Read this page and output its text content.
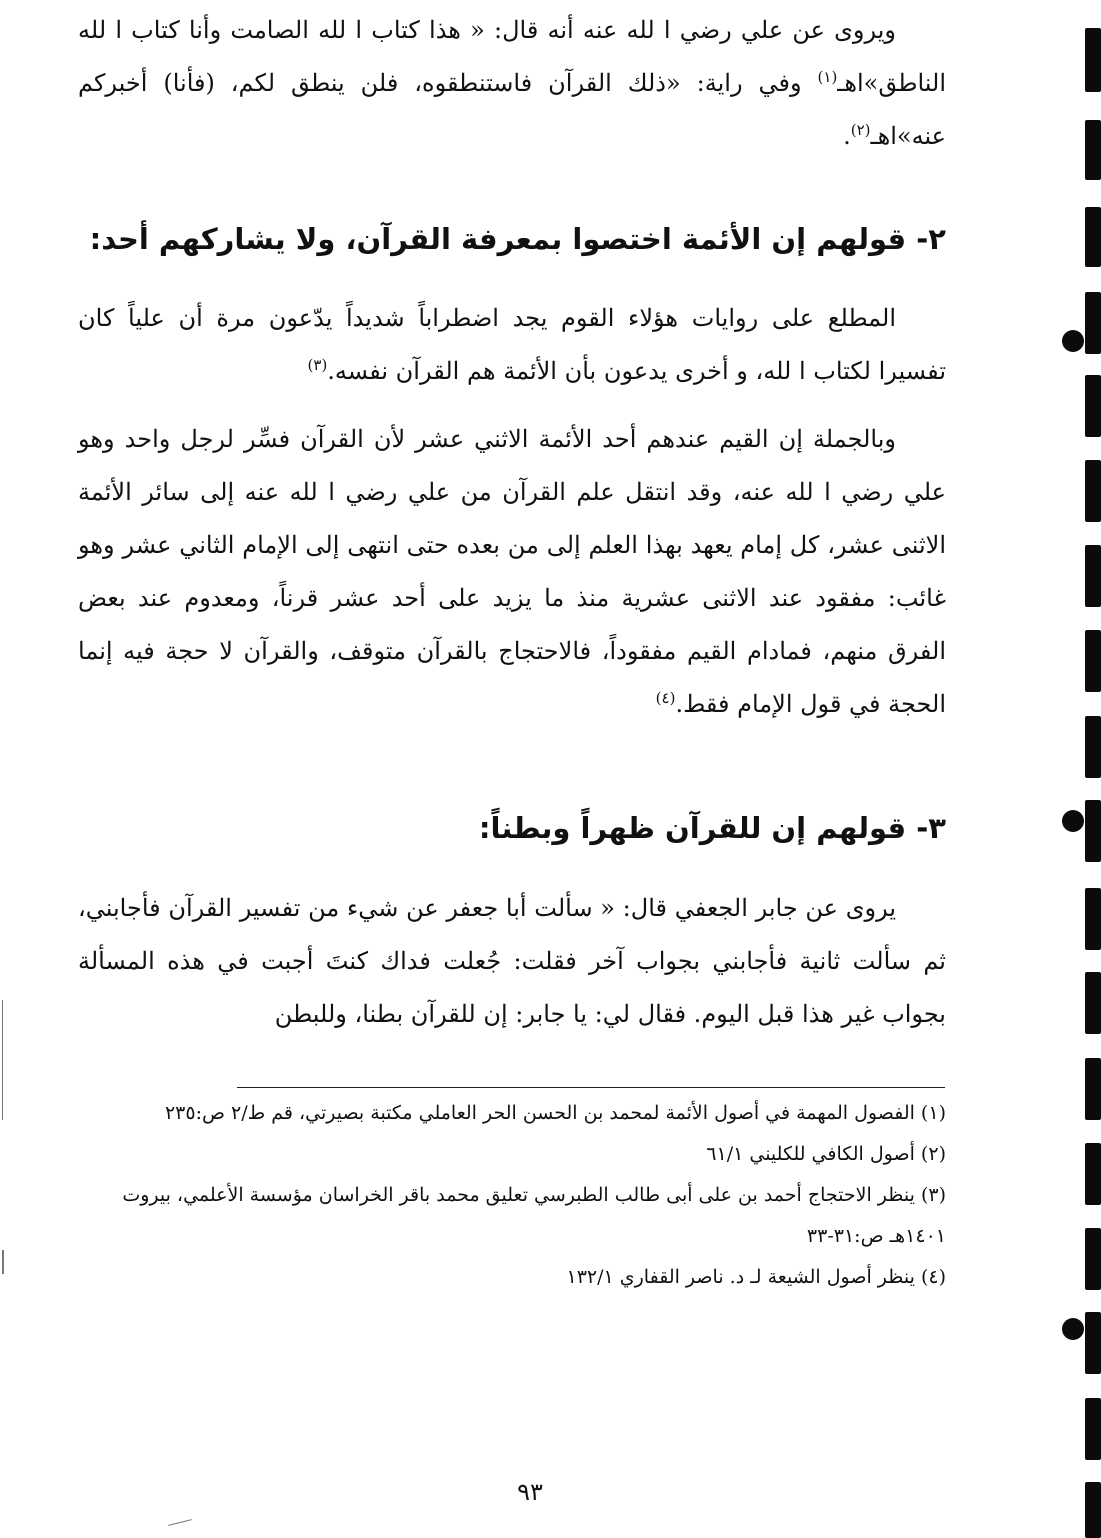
ويروى عن علي رضي ا لله عنه أنه قال: « هذا كتاب ا لله الصامت وأنا كتاب ا لله الناطق»اهـ$^{(١)}$ وفي راية: «ذلك القرآن فاستنطقوه، فلن ينطق لكم، (فأنا) أخبركم عنه»اهـ$^{(٢)}$.

٢- قولهم إن الأئمة اختصوا بمعرفة القرآن، ولا يشاركهم أحد:

المطلع على روايات هؤلاء القوم يجد اضطراباً شديداً يدّعون مرة أن علياً كان تفسيرا لكتاب ا لله، و أخرى يدعون بأن الأئمة هم القرآن نفسه.$^{(٣)}$

وبالجملة إن القيم عندهم أحد الأئمة الاثني عشر لأن القرآن فسِّر لرجل واحد وهو علي رضي ا لله عنه، وقد انتقل علم القرآن من علي رضي ا لله عنه إلى سائر الأئمة الاثنى عشر، كل إمام يعهد بهذا العلم إلى من بعده حتى انتهى إلى الإمام الثاني عشر وهو غائب: مفقود عند الاثنى عشرية منذ ما يزيد على أحد عشر قرناً، ومعدوم عند بعض الفرق منهم، فمادام القيم مفقوداً، فالاحتجاج بالقرآن متوقف، والقرآن لا حجة فيه إنما الحجة في قول الإمام فقط.$^{(٤)}$

٣- قولهم إن للقرآن ظهراً وبطناً:

يروى عن جابر الجعفي قال: « سألت أبا جعفر عن شيء من تفسير القرآن فأجابني، ثم سألت ثانية فأجابني بجواب آخر فقلت: جُعلت فداك كنتَ أجبت في هذه المسألة بجواب غير هذا قبل اليوم. فقال لي: يا جابر: إن للقرآن بطنا، وللبطن

(١) الفصول المهمة في أصول الأئمة لمحمد بن الحسن الحر العاملي مكتبة بصيرتي، قم ط/٢ ص:٢٣٥

(٢) أصول الكافي للكليني ٦١/١

(٣) ينظر الاحتجاج أحمد بن على أبى طالب الطبرسي تعليق محمد باقر الخراسان مؤسسة الأعلمي، بيروت ١٤٠١هـ ص:٣١-٣٣

(٤) ينظر أصول الشيعة لـ د. ناصر القفاري ١٣٢/١

٩٣
